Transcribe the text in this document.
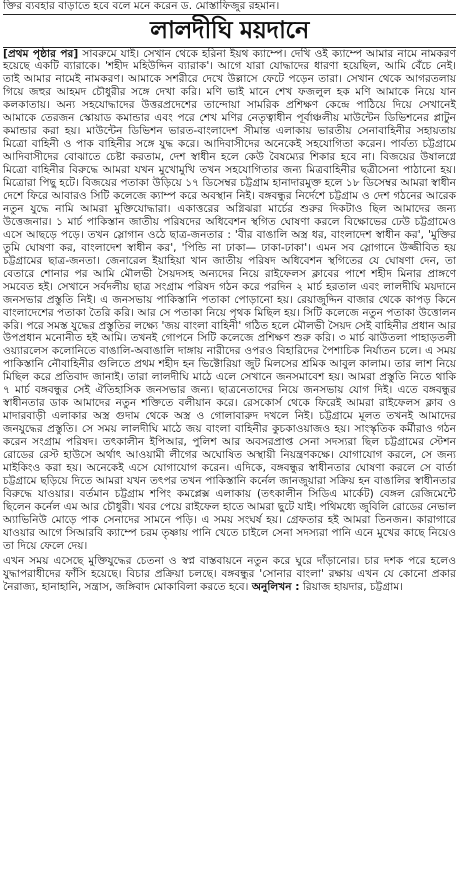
ক্তির ব্যবহার বাড়াতে হবে বলে মনে করেন ড. মোস্তাফিজুর রহমান।
লালদীঘি ময়দানে

[প্রথম পৃষ্ঠার পর] সাবরুমে যাই। সেখান থেকে হরিনা ইয়থ ক্যাম্পে। দেখি ওই ক্যাম্পে আমার নামে নামকরণ হয়েছে একটি ব্যারাকে। 'শহীদ মহিউদ্দিন ব্যারাক'। আগে যারা যোদ্ধাদের ধারণা হয়েছিল, আমি বেঁচে নেই। তাই আমার নামেই নামকরণ। আমাকে সশরীরে দেখে উল্লাসে ফেটে পড়েন তারা। সেখান থেকে আগরতলায় গিয়ে জহুর আহমদ চৌধুরীর সঙ্গে দেখা করি। মণি ভাই মানে শেখ ফজলুল হক মণি আমাকে নিয়ে যান কলকাতায়। অন্য সহযোদ্ধাদের উত্তরপ্রদেশের তান্দোয়া সামরিক প্রশিক্ষণ কেন্দ্রে পাঠিয়ে দিয়ে সেখানেই আমাকে তেরজন স্কোয়াড কমান্ডার এবং পরে শেখ মণির নেতৃত্বাধীন পূর্বাঞ্চলীয় মাউন্টেন ডিভিশনের প্লাটুন কমান্ডার করা হয়। মাউন্টেন ডিভিশন ভারত-বাংলাদেশ সীমান্ত এলাকায় ভারতীয় সেনাবাহিনীর সহায়তায় মিত্রো বাহিনী ও পাক বাহিনীর সঙ্গে যুদ্ধ করে। আদিবাসীদের অনেকেই সহযোগিতা করেন। পার্বত্য চট্টগ্রামে আদিবাসীদের বোঝাতে চেষ্টা করতাম, দেশ স্বাধীন হলে কেউ বৈষম্যের শিকার হবে না। বিজয়ের উষালগ্নে মিত্রো বাহিনীর বিরুদ্ধে আমরা যখন মুখোমুখি তখন সহযোগিতার জন্য মিত্রবাহিনীর ছত্রীসেনা পাঠানো হয়। মিত্রোরা পিছু হটে। বিজয়ের পতাকা উড়িয়ে ১৭ ডিসেম্বর চট্টগ্রাম হানাদারমুক্ত হলে ১৮ ডিসেম্বর আমরা স্বাধীন দেশে ফিরে আবারও সিটি কলেজে ক্যাম্প করে অবস্থান নিই। বঙ্গবন্ধুর নির্দেশে চট্টগ্রাম ও দেশ গঠনের আরেক নতুন যুদ্ধে নামি আমরা মুক্তিযোদ্ধারা। একাত্তরের অগ্নিঝরা মার্চের শুরুর দিকটাও ছিল আমাদের জন্য উত্তেজনার। ১ মার্চ পাকিস্তান জাতীয় পরিষদের অধিবেশন স্থগিত ঘোষণা করলে বিক্ষোভের ঢেউ চট্টগ্রামেও এসে আছড়ে পড়ে। তখন স্লোগান ওঠে ছাত্র-জনতার : 'বীর বাঙালি অস্ত্র ধর, বাংলাদেশ স্বাধীন কর', 'মুক্তির তুমি ঘোষণা কর, বাংলাদেশ স্বাধীন কর', 'পিন্ডি না ঢাকা— ঢাকা-ঢাকা'। এমন সব স্লোগানে উজ্জীবিত হয় চট্টগ্রামের ছাত্র-জনতা। জেনারেল ইয়াহিয়া খান জাতীয় পরিষদ অধিবেশন স্থগিতের যে ঘোষণা দেন, তা বেতারে শোনার পর আমি মৌলভী সৈয়দসহ অন্যদের নিয়ে রাইফেলস ক্লাবের পাশে শহীদ মিনার প্রাঙ্গণে সমবেত হই। সেখানে সর্বদলীয় ছাত্র সংগ্রাম পরিষদ গঠন করে পরদিন ২ মার্চ হরতাল এবং লালদীঘি ময়দানে জনসভার প্রস্তুতি নিই। এ জনসভায় পাকিস্তানি পতাকা পোড়ানো হয়। রেয়াজুদ্দিন বাজার থেকে কাপড় কিনে বাংলাদেশের পতাকা তৈরি করি। আর সে পতাকা নিয়ে পৃথক মিছিল হয়। সিটি কলেজে নতুন পতাকা উত্তোলন করি। পরে সমস্ত যুদ্ধের প্রস্তুতির লক্ষ্যে 'জয় বাংলা বাহিনী' গঠিত হলে মৌলভী সৈয়দ সেই বাহিনীর প্রধান আর উপপ্রধান মনোনীত হই আমি। তখনই গোপনে সিটি কলেজে প্রশিক্ষণ শুরু করি। ৩ মার্চ ঝাউতলা পাহাড়তলী ওয়্যারলেস কলোনিতে বাঙালি-অবাঙালি দাঙ্গায় নারীদের ওপরও বিহারিদের পৈশাচিক নির্যাতন চলে। এ সময় পাকিস্তানি নৌবাহিনীর গুলিতে প্রথম শহীদ হন ভিক্টোরিয়া জুট মিলসের শ্রমিক আবুল কালাম। তার লাশ নিয়ে মিছিল করে প্রতিবাদ জানাই। তারা লালদীঘি মাঠে এলে সেখানে জনসমাবেশ হয়। আমরা প্রস্তুতি নিতে থাকি ৭ মার্চ বঙ্গবন্ধুর সেই ঐতিহাসিক জনসভার জন্য। ছাত্রনেতাদের নিয়ে জনসভায় যোগ দিই। এতে বঙ্গবন্ধুর স্বাধীনতার ডাক আমাদের নতুন শক্তিতে বলীয়ান করে। রেসকোর্স থেকে ফিরেই আমরা রাইফেলস ক্লাব ও মাদারবাড়ী এলাকার অস্ত্র গুদাম থেকে অস্ত্র ও গোলাবারুদ দখলে নিই। চট্টগ্রামে মূলত তখনই আমাদের জনযুদ্ধের প্রস্তুতি। সে সময় লালদীঘি মাঠে জয় বাংলা বাহিনীর কুচকাওয়াজও হয়। সাংস্কৃতিক কর্মীরাও গঠন করেন সংগ্রাম পরিষদ। তৎকালীন ইপিআর, পুলিশ আর অবসরপ্রাপ্ত সেনা সদস্যরা ছিল চট্টগ্রামের স্টেশন রোডের রেস্ট হাউসে অর্থাৎ আওয়ামী লীগের অঘোষিত অস্থায়ী নিয়ন্ত্রণকক্ষে। যোগাযোগ করলে, সে জন্য মাইকিংও করা হয়। অনেকেই এসে যোগাযোগ করেন। এদিকে, বঙ্গবন্ধুর স্বাধীনতার ঘোষণা করলে সে বার্তা চট্টগ্রামে ছড়িয়ে দিতে আমরা যখন তৎপর তখন পাকিস্তানি কর্নেল জানজুয়ারা সক্রিয় হন বাঙালির স্বাধীনতার বিরুদ্ধে যাওয়ার। বর্তমান চট্টগ্রাম শপিং কমপ্লেক্স এলাকায় (তৎকালীন সিডিএ মার্কেট) বেঙ্গল রেজিমেন্টে ছিলেন কর্নেল এম আর চৌধুরী। খবর পেয়ে রাইফেল হাতে আমরা ছুটে যাই। পথিমধ্যে জুবিলি রোডের নেভাল অ্যাভিনিউ মোড়ে পাক সেনাদের সামনে পড়ি। এ সময় সংঘর্ষ হয়। গ্রেফতার হই আমরা তিনজন। কারাগারে যাওয়ার আগে সিআরবি ক্যাম্পে চরম তৃষ্ণায় পানি খেতে চাইলে সেনা সদস্যরা পানি এনে মুখের কাছে নিয়েও তা দিয়ে ফেলে দেয়।

এখন সময় এসেছে মুক্তিযুদ্ধের চেতনা ও স্বপ্ন বাস্তবায়নে নতুন করে ঘুরে দাঁড়ানোর। চার দশক পরে হলেও যুদ্ধাপরাধীদের ফাঁসি হয়েছে। বিচার প্রক্রিয়া চলছে। বঙ্গবন্ধুর 'সোনার বাংলা' রক্ষায় এখন যে কোনো প্রকার নৈরাজ্য, হানাহানি, সন্ত্রাস, জঙ্গিবাদ মোকাবিলা করতে হবে। অনুলিখন : রিয়াজ হায়দার, চট্টগ্রাম।
